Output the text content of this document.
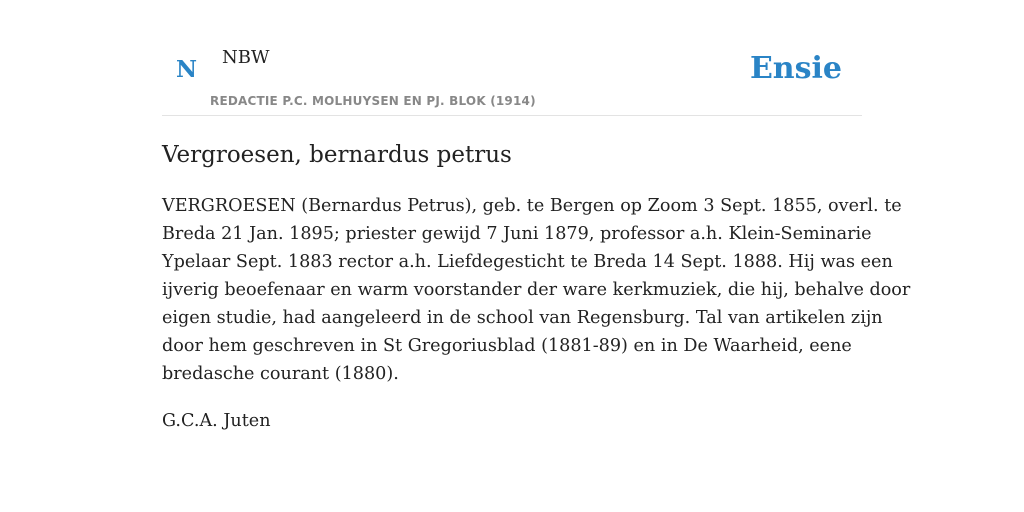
N NBW
REDACTIE P.C. MOLHUYSEN EN PJ. BLOK (1914)
Ensie
Vergroesen, bernardus petrus

VERGROESEN (Bernardus Petrus), geb. te Bergen op Zoom 3 Sept. 1855, overl. te
Breda 21 Jan. 1895; priester gewijd 7 Juni 1879, professor a.h. Klein-Seminarie
Ypelaar Sept. 1883 rector a.h. Liefdegesticht te Breda 14 Sept. 1888. Hij was een
ijverig beoefenaar en warm voorstander der ware kerkmuziek, die hij, behalve door
eigen studie, had aangeleerd in de school van Regensburg. Tal van artikelen zijn
door hem geschreven in St Gregoriusblad (1881-89) en in De Waarheid, eene
bredasche courant (1880).

G.C.A. Juten
